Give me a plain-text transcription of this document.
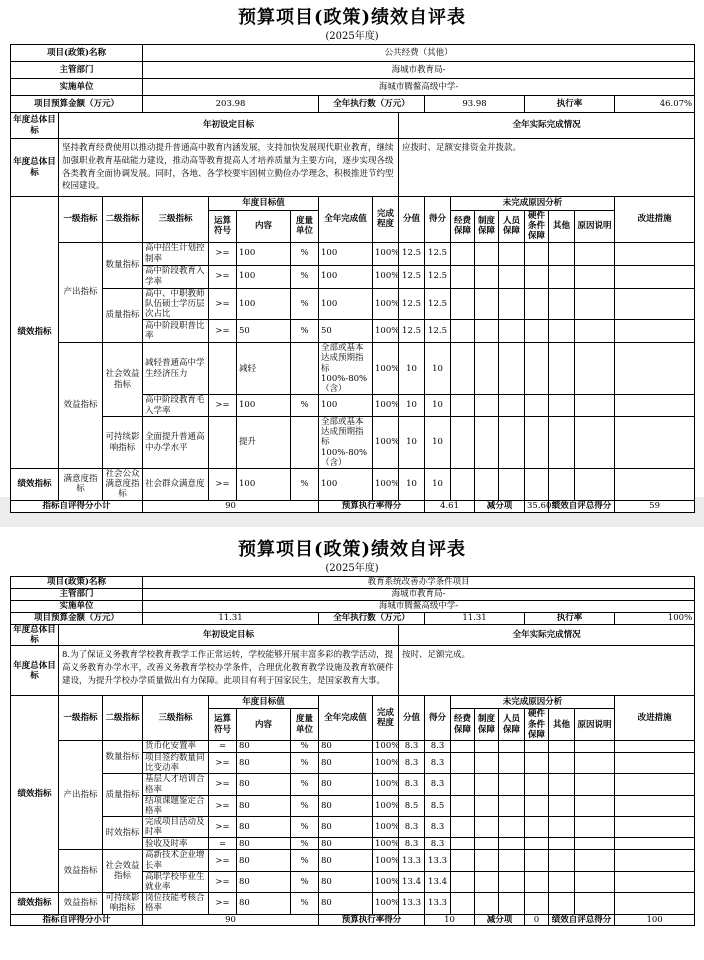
预算项目(政策)绩效自评表
(2025年度)
项目(政策)名称			公共经费（其他）														
主管部门			海城市教育局-														
实施单位			海城市腾鳌高级中学-														
项目预算金额（万元）			203.98				全年执行数（万元）			93.98				执行率			46.07%
年度总体目标	年初设定目标								全年实际完成情况								
年度总体目标	坚持教育经费使用以推动提升普通高中教育内涵发展，支持加快发展现代职业教育，继续加强职业教育基础能力建设，推动高等教育提高人才培养质量为主要方向，逐步实现各级各类教育全面协调发展。同时，各地、各学校要牢固树立勤俭办学理念，积极推进节约型校园建设。								应拨时、足额安排资金并拨款。								
绩效指标	一级指标	二级指标	三级指标	年度目标值			全年完成值	完成程度	分值	得分	未完成原因分析						改进措施
				运算符号	内容	度量单位					经费保障	制度保障	人员保障	硬件条件保障	其他	原因说明	
	产出指标	数量指标	高中招生计划控制率	>=	100	%	100	100%	12.5	12.5							
			高中阶段教育入学率	>=	100	%	100	100%	12.5	12.5							
		质量指标	高中、中职教师队伍硕士学历层次占比	>=	100	%	100	100%	12.5	12.5							
			高中阶段职普比率	>=	50	%	50	100%	12.5	12.5							
	效益指标	社会效益指标	减轻普通高中学生经济压力		减轻		全部或基本达成预期指标100%-80%（含）	100%	10	10							
			高中阶段教育毛入学率	>=	100	%	100	100%	10	10							
		可持续影响指标	全面提升普通高中办学水平		提升		全部或基本达成预期指标100%-80%（含）	100%	10	10							
绩效指标	满意度指标	社会公众满意度指标	社会群众满意度	>=	100	%	100	100%	10	10							
指标自评得分小计			90				预算执行率得分			4.61		减分项		35.607	绩效自评总得分		59
预算项目(政策)绩效自评表
(2025年度)
项目(政策)名称			教育系统改善办学条件项目														
主管部门			海城市教育局-														
实施单位			海城市腾鳌高级中学-														
项目预算金额（万元）			11.31				全年执行数（万元）			11.31				执行率			100%
年度总体目标	年初设定目标								全年实际完成情况								
年度总体目标	8.为了保证义务教育学校教育教学工作正常运转，学校能够开展丰富多彩的教学活动，提高义务教育办学水平，改善义务教育学校办学条件，合理优化教育教学设施及教育软硬件建设，为提升学校办学质量做出有力保障。此项目有利于国家民生，是国家教育大事。								按时、足额完成。								
绩效指标	一级指标	二级指标	三级指标	年度目标值			全年完成值	完成程度	分值	得分	未完成原因分析						改进措施
				运算符号	内容	度量单位					经费保障	制度保障	人员保障	硬件条件保障	其他	原因说明	
	产出指标	数量指标	货币化安置率	=	80	%	80	100%	8.3	8.3							
			项目签约数量同比变动率	>=	80	%	80	100%	8.3	8.3							
		质量指标	基层人才培训合格率	>=	80	%	80	100%	8.3	8.3							
			结项课题鉴定合格率	>=	80	%	80	100%	8.5	8.5							
		时效指标	完成项目活动及时率	>=	80	%	80	100%	8.3	8.3							
			验收及时率	=	80	%	80	100%	8.3	8.3							
	效益指标	社会效益指标	高新技术企业增长率	>=	80	%	80	100%	13.3	13.3							
			高职学校毕业生就业率	>=	80	%	80	100%	13.4	13.4							
绩效指标	效益指标	可持续影响指标	岗位技能考核合格率	>=	80	%	80	100%	13.3	13.3							
指标自评得分小计			90				预算执行率得分			10		减分项		0	绩效自评总得分		100
